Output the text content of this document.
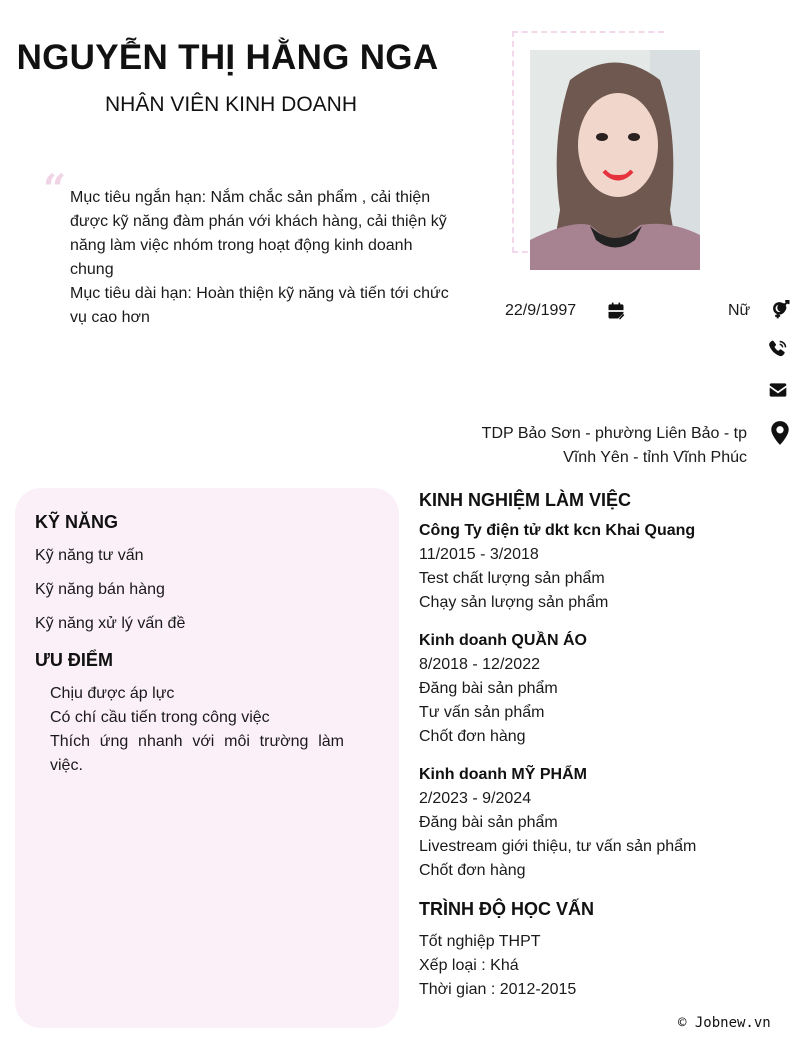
NGUYỄN THỊ HẰNG NGA
NHÂN VIÊN KINH DOANH
“ Mục tiêu ngắn hạn: Nắm chắc sản phẩm , cải thiện được kỹ năng đàm phán với khách hàng, cải thiện kỹ năng làm việc nhóm trong hoạt động kinh doanh chung
Mục tiêu dài hạn: Hoàn thiện kỹ năng và tiến tới chức vụ cao hơn	22/9/1997	Nữ
TDP Bảo Sơn - phường Liên Bảo - tp
Vĩnh Yên - tỉnh Vĩnh Phúc
KỸ NĂNG
Kỹ năng tư vấn
Kỹ năng bán hàng
Kỹ năng xử lý vấn đề
ƯU ĐIỂM
Chịu được áp lực
Có chí cầu tiến trong công việc
Thích ứng nhanh với môi trường làm việc.
KINH NGHIỆM LÀM VIỆC
Công Ty điện tử dkt kcn Khai Quang
11/2015 - 3/2018
Test chất lượng sản phẩm
Chạy sản lượng sản phẩm
Kinh doanh QUẦN ÁO
8/2018 - 12/2022
Đăng bài sản phẩm
Tư vấn sản phẩm
Chốt đơn hàng
Kinh doanh MỸ PHẨM
2/2023 - 9/2024
Đăng bài sản phẩm
Livestream giới thiệu, tư vấn sản phẩm
Chốt đơn hàng
TRÌNH ĐỘ HỌC VẤN
Tốt nghiệp THPT
Xếp loại : Khá
Thời gian : 2012-2015
© Jobnew.vn
